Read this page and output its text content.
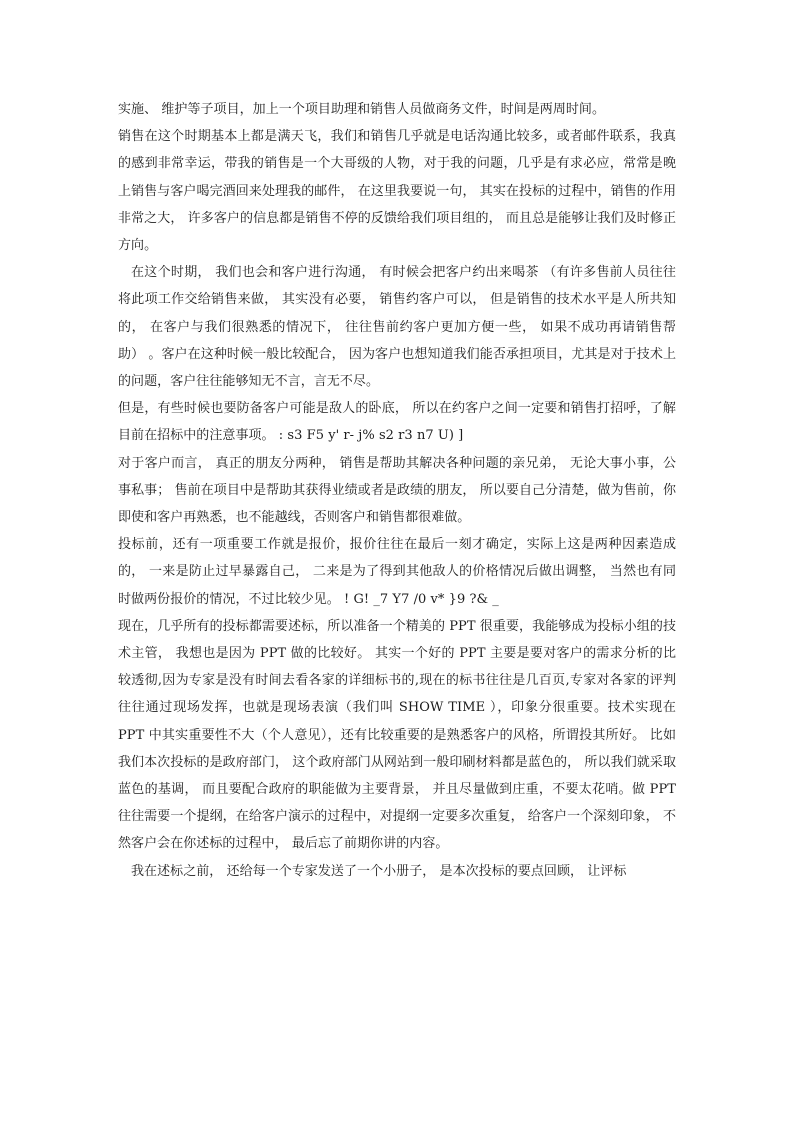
实施、 维护等子项目，加上一个项目助理和销售人员做商务文件，时间是两周时间。

销售在这个时期基本上都是满天飞，我们和销售几乎就是电话沟通比较多，或者邮件联系，我真的感到非常幸运，带我的销售是一个大哥级的人物，对于我的问题，几乎是有求必应，常常是晚上销售与客户喝完酒回来处理我的邮件， 在这里我要说一句， 其实在投标的过程中，销售的作用非常之大， 许多客户的信息都是销售不停的反馈给我们项目组的， 而且总是能够让我们及时修正方向。

在这个时期， 我们也会和客户进行沟通， 有时候会把客户约出来喝茶 （有许多售前人员往往将此项工作交给销售来做， 其实没有必要， 销售约客户可以， 但是销售的技术水平是人所共知的， 在客户与我们很熟悉的情况下， 往往售前约客户更加方便一些， 如果不成功再请销售帮助） 。客户在这种时候一般比较配合， 因为客户也想知道我们能否承担项目，尤其是对于技术上的问题，客户往往能够知无不言，言无不尽。

但是，有些时候也要防备客户可能是敌人的卧底， 所以在约客户之间一定要和销售打招呼，了解目前在招标中的注意事项。 : s3 F5 y' r- j% s2 r3 n7 U) ]

对于客户而言， 真正的朋友分两种， 销售是帮助其解决各种问题的亲兄弟， 无论大事小事，公事私事； 售前在项目中是帮助其获得业绩或者是政绩的朋友， 所以要自己分清楚，做为售前，你即使和客户再熟悉，也不能越线，否则客户和销售都很难做。

投标前，还有一项重要工作就是报价，报价往往在最后一刻才确定，实际上这是两种因素造成的， 一来是防止过早暴露自己， 二来是为了得到其他敌人的价格情况后做出调整， 当然也有同时做两份报价的情况，不过比较少见。 ! G! _7 Y7 /0 v* }9 ?& _

现在，几乎所有的投标都需要述标，所以准备一个精美的 PPT 很重要，我能够成为投标小组的技术主管， 我想也是因为 PPT 做的比较好。 其实一个好的 PPT 主要是要对客户的需求分析的比较透彻,因为专家是没有时间去看各家的详细标书的,现在的标书往往是几百页,专家对各家的评判往往通过现场发挥，也就是现场表演（我们叫 SHOW TIME ），印象分很重要。技术实现在 PPT 中其实重要性不大（个人意见），还有比较重要的是熟悉客户的风格，所谓投其所好。 比如我们本次投标的是政府部门， 这个政府部门从网站到一般印刷材料都是蓝色的， 所以我们就采取蓝色的基调， 而且要配合政府的职能做为主要背景， 并且尽量做到庄重，不要太花哨。做 PPT 往往需要一个提纲，在给客户演示的过程中，对提纲一定要多次重复， 给客户一个深刻印象， 不然客户会在你述标的过程中， 最后忘了前期你讲的内容。

我在述标之前， 还给每一个专家发送了一个小册子， 是本次投标的要点回顾， 让评标
